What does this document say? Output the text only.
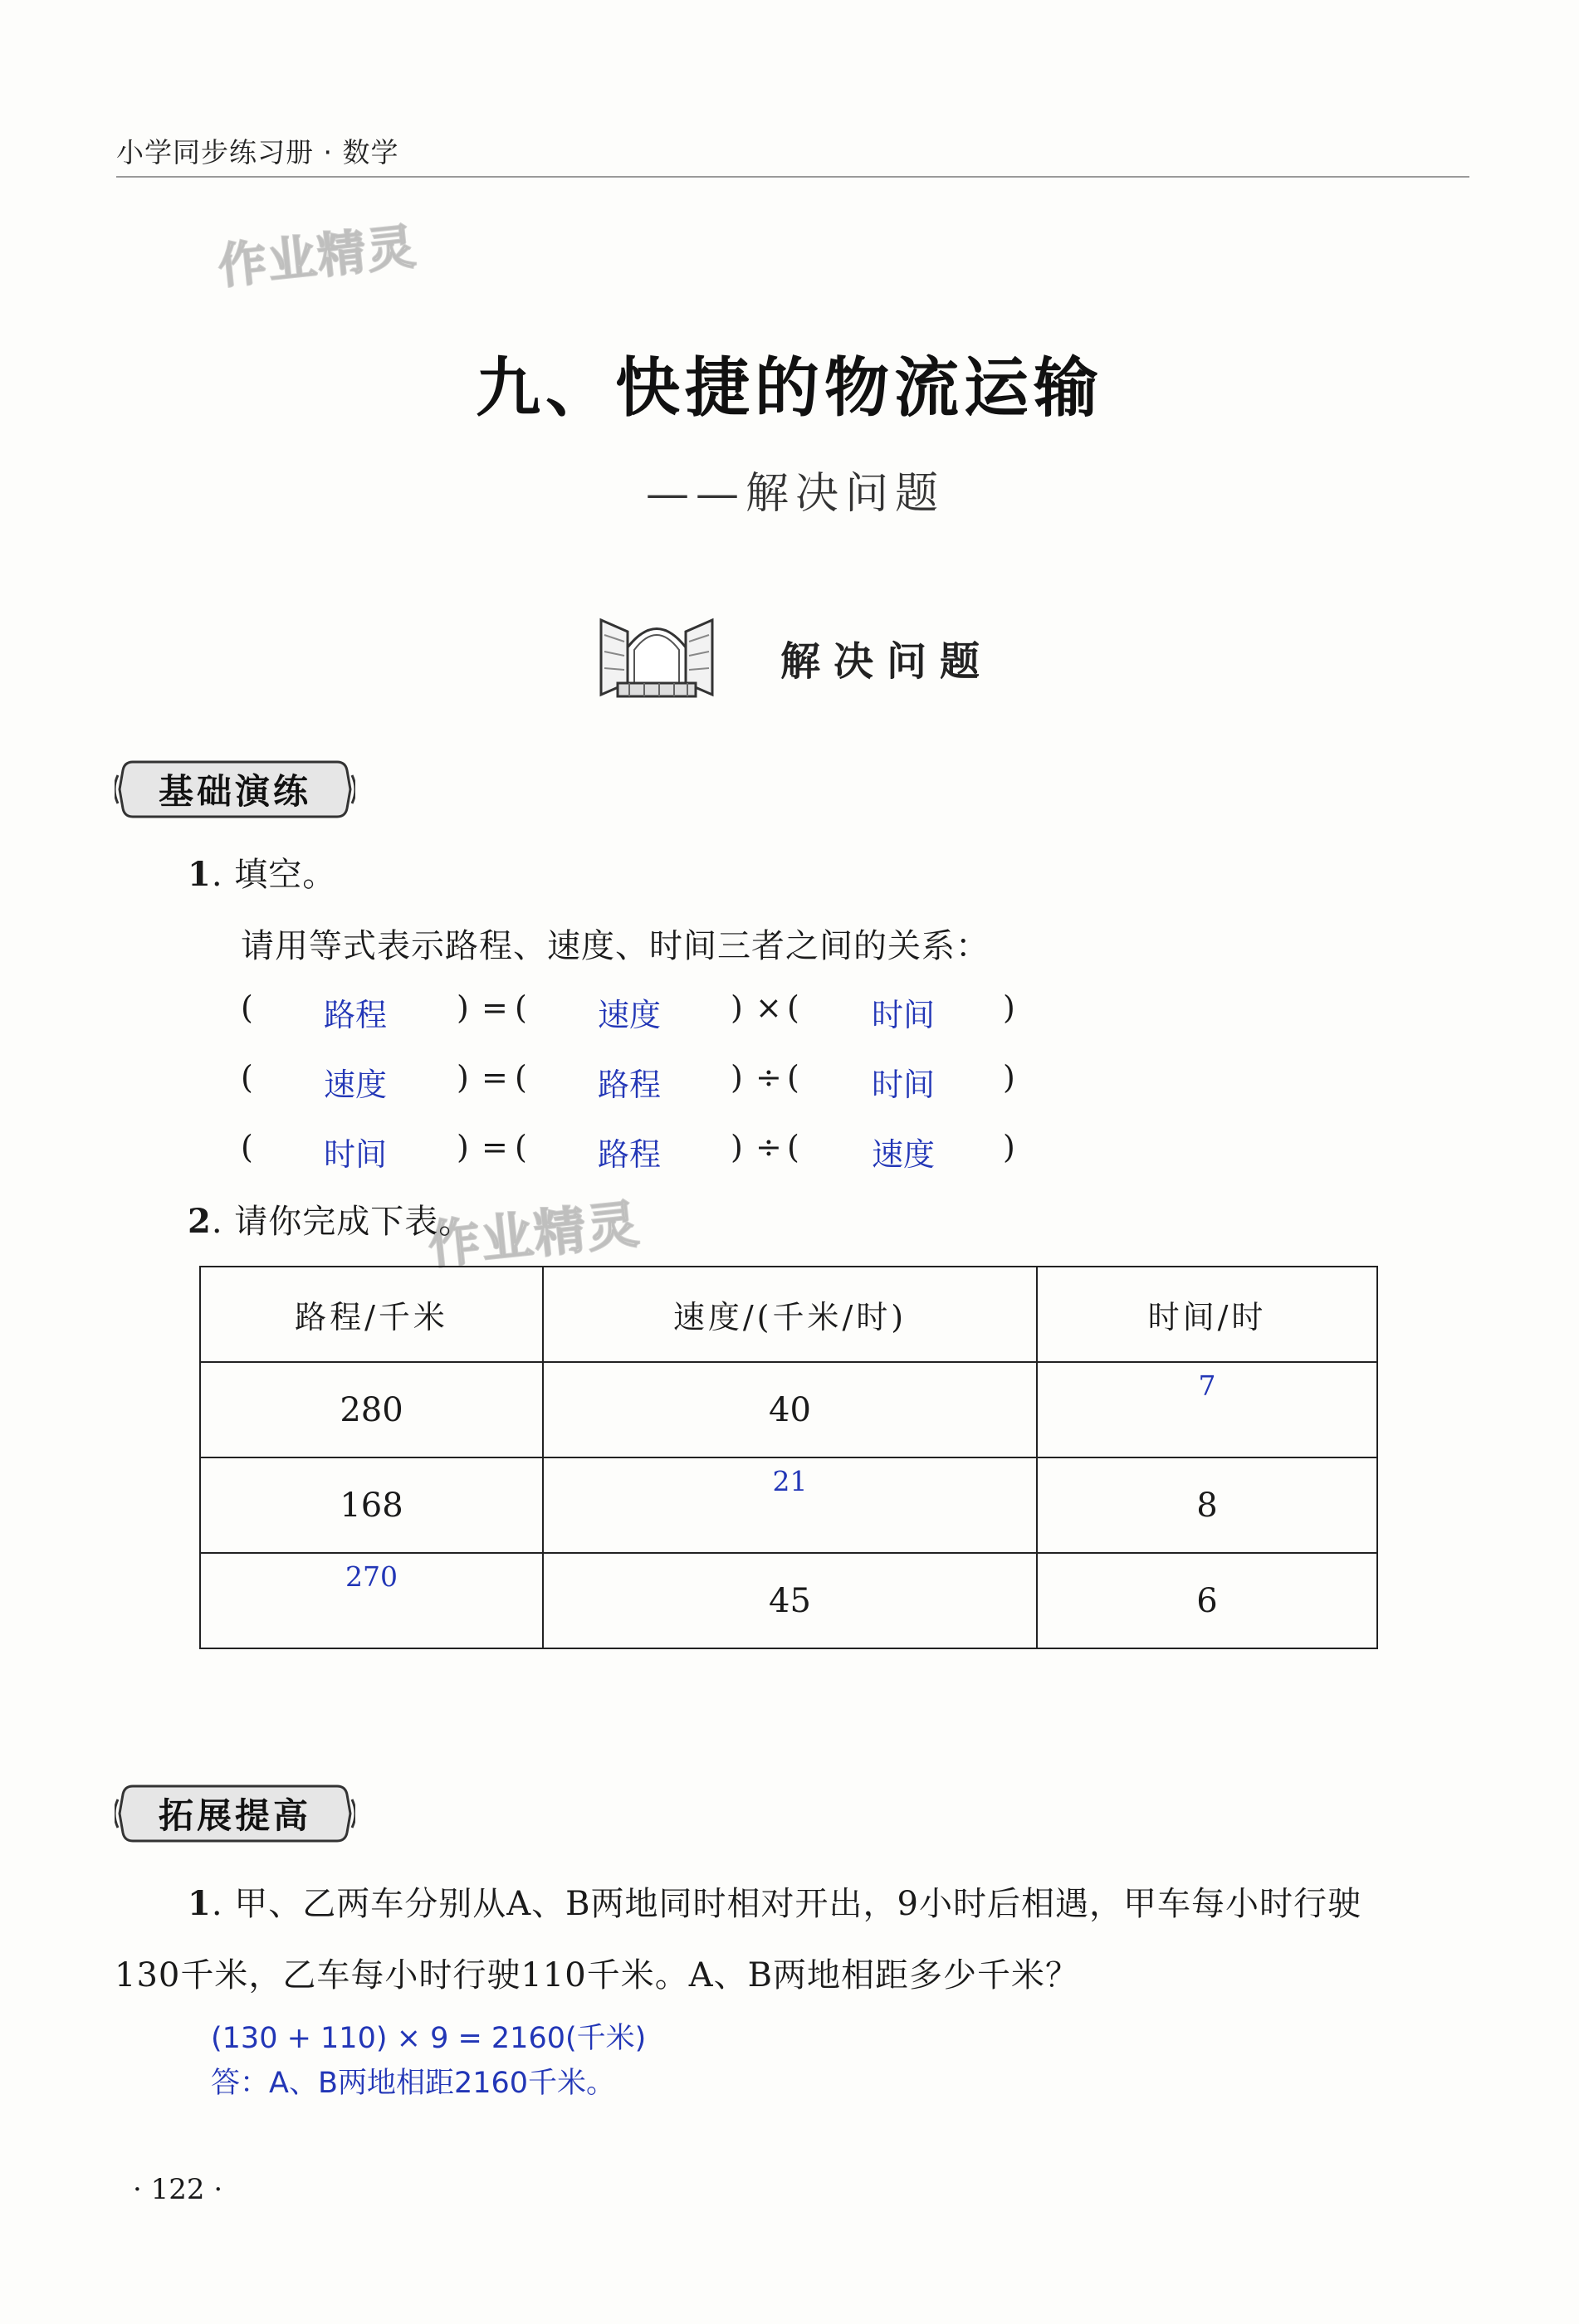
小学同步练习册 · 数学
作业精灵
作业精灵
九、快捷的物流运输
——解决问题
解决问题
基础演练
1. 填空。
请用等式表示路程、速度、时间三者之间的关系：
( 路程 ) = ( 速度 ) × ( 时间 )
( 速度 ) = ( 路程 ) ÷ ( 时间 )
( 时间 ) = ( 路程 ) ÷ ( 速度 )
2. 请你完成下表。
路程/千米	速度/(千米/时)	时间/时
280	40	7

168	21	8

270	45	6
拓展提高
1. 甲、乙两车分别从A、B两地同时相对开出，9小时后相遇，甲车每小时行驶
130千米，乙车每小时行驶110千米。A、B两地相距多少千米？
(130 + 110) × 9 = 2160(千米)
答：A、B两地相距2160千米。
· 122 ·
